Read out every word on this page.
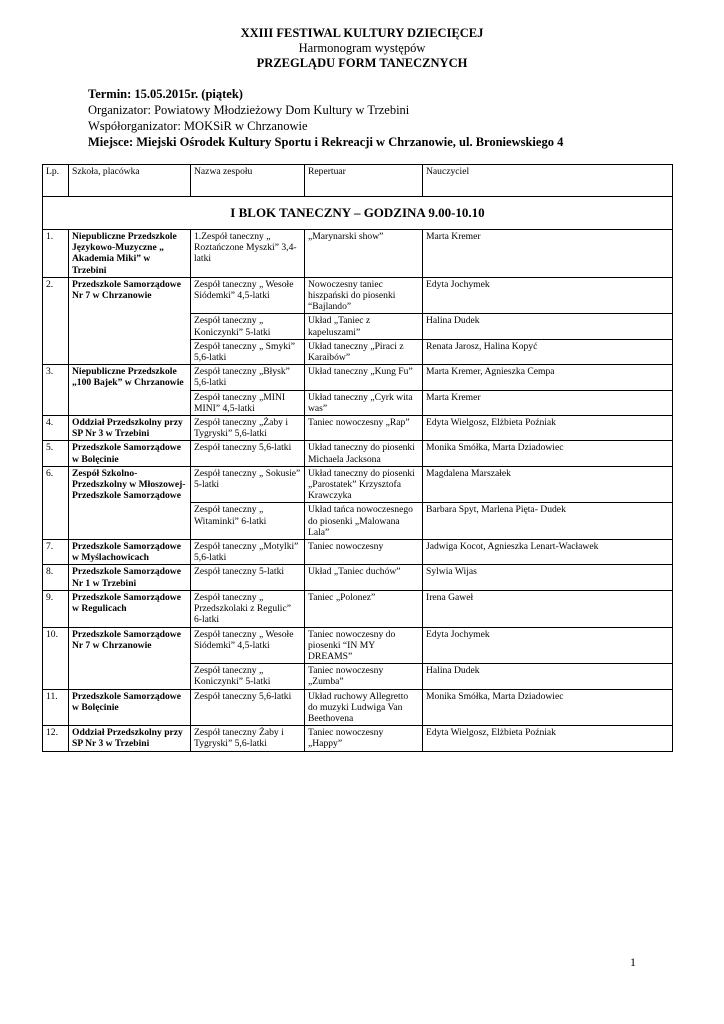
XXIII FESTIWAL KULTURY DZIECIĘCEJ
Harmonogram występów
PRZEGLĄDU FORM TANECZNYCH
Termin: 15.05.2015r. (piątek)
Organizator: Powiatowy Młodzieżowy Dom Kultury w Trzebini
Współorganizator: MOKSiR w Chrzanowie
Miejsce: Miejski Ośrodek Kultury Sportu i Rekreacji w Chrzanowie, ul. Broniewskiego 4
Lp.	Szkoła, placówka	Nazwa zespołu	Repertuar	Nauczyciel
I BLOK TANECZNY – GODZINA 9.00-10.10				
1.	Niepubliczne Przedszkole Językowo-Muzyczne „ Akademia Miki” w Trzebini	1.Zespół taneczny „ Roztańczone Myszki” 3,4-latki	„Marynarski show”	Marta Kremer
2.	Przedszkole Samorządowe Nr 7 w Chrzanowie	Zespół taneczny „ Wesołe Siódemki” 4,5-latki	Nowoczesny taniec hiszpański do piosenki “Bajlando”	Edyta Jochymek
		Zespół taneczny „ Koniczynki” 5-latki	Układ „Taniec z kapeluszami”	Halina Dudek
		Zespół taneczny „ Smyki” 5,6-latki	Układ taneczny „Piraci z Karaibów”	Renata Jarosz, Halina Kopyć
3.	Niepubliczne Przedszkole „100 Bajek” w Chrzanowie	Zespół taneczny „Błysk” 5,6-latki	Układ taneczny „Kung Fu”	Marta Kremer, Agnieszka Cempa
		Zespół taneczny „MINI MINI” 4,5-latki	Układ taneczny „Cyrk wita was”	Marta Kremer
4.	Oddział Przedszkolny przy SP Nr 3 w Trzebini	Zespół taneczny „Żaby i Tygryski” 5,6-latki	Taniec nowoczesny „Rap”	Edyta Wielgosz, Elżbieta Poźniak
5.	Przedszkole Samorządowe w Bolęcinie	Zespół taneczny 5,6-latki	Układ taneczny do piosenki Michaela Jacksona	Monika Smółka, Marta Dziadowiec
6.	Zespół Szkolno-Przedszkolny w Młoszowej- Przedszkole Samorządowe	Zespół taneczny „ Sokusie” 5-latki	Układ taneczny do piosenki „Parostatek” Krzysztofa Krawczyka	Magdalena Marszałek
		Zespół taneczny „ Witaminki” 6-latki	Układ tańca nowoczesnego do piosenki „Malowana Lala”	Barbara Spyt, Marlena Pięta- Dudek
7.	Przedszkole Samorządowe w Myślachowicach	Zespół taneczny „Motylki” 5,6-latki	Taniec nowoczesny	Jadwiga Kocot, Agnieszka Lenart-Wacławek
8.	Przedszkole Samorządowe Nr 1 w Trzebini	Zespół taneczny 5-latki	Układ „Taniec duchów”	Sylwia Wijas
9.	Przedszkole Samorządowe w Regulicach	Zespół taneczny „ Przedszkolaki z Regulic” 6-latki	Taniec „Polonez”	Irena Gaweł
10.	Przedszkole Samorządowe Nr 7 w Chrzanowie	Zespół taneczny „ Wesołe Siódemki” 4,5-latki	Taniec nowoczesny do piosenki “IN MY DREAMS”	Edyta Jochymek
		Zespół taneczny „ Koniczynki” 5-latki	Taniec nowoczesny „Zumba”	Halina Dudek
11.	Przedszkole Samorządowe w Bolęcinie	Zespół taneczny 5,6-latki	Układ ruchowy Allegretto do muzyki Ludwiga Van Beethovena	Monika Smółka, Marta Dziadowiec
12.	Oddział Przedszkolny przy SP Nr 3 w Trzebini	Zespół taneczny Żaby i Tygryski” 5,6-latki	Taniec nowoczesny „Happy”	Edyta Wielgosz, Elżbieta Poźniak
1
